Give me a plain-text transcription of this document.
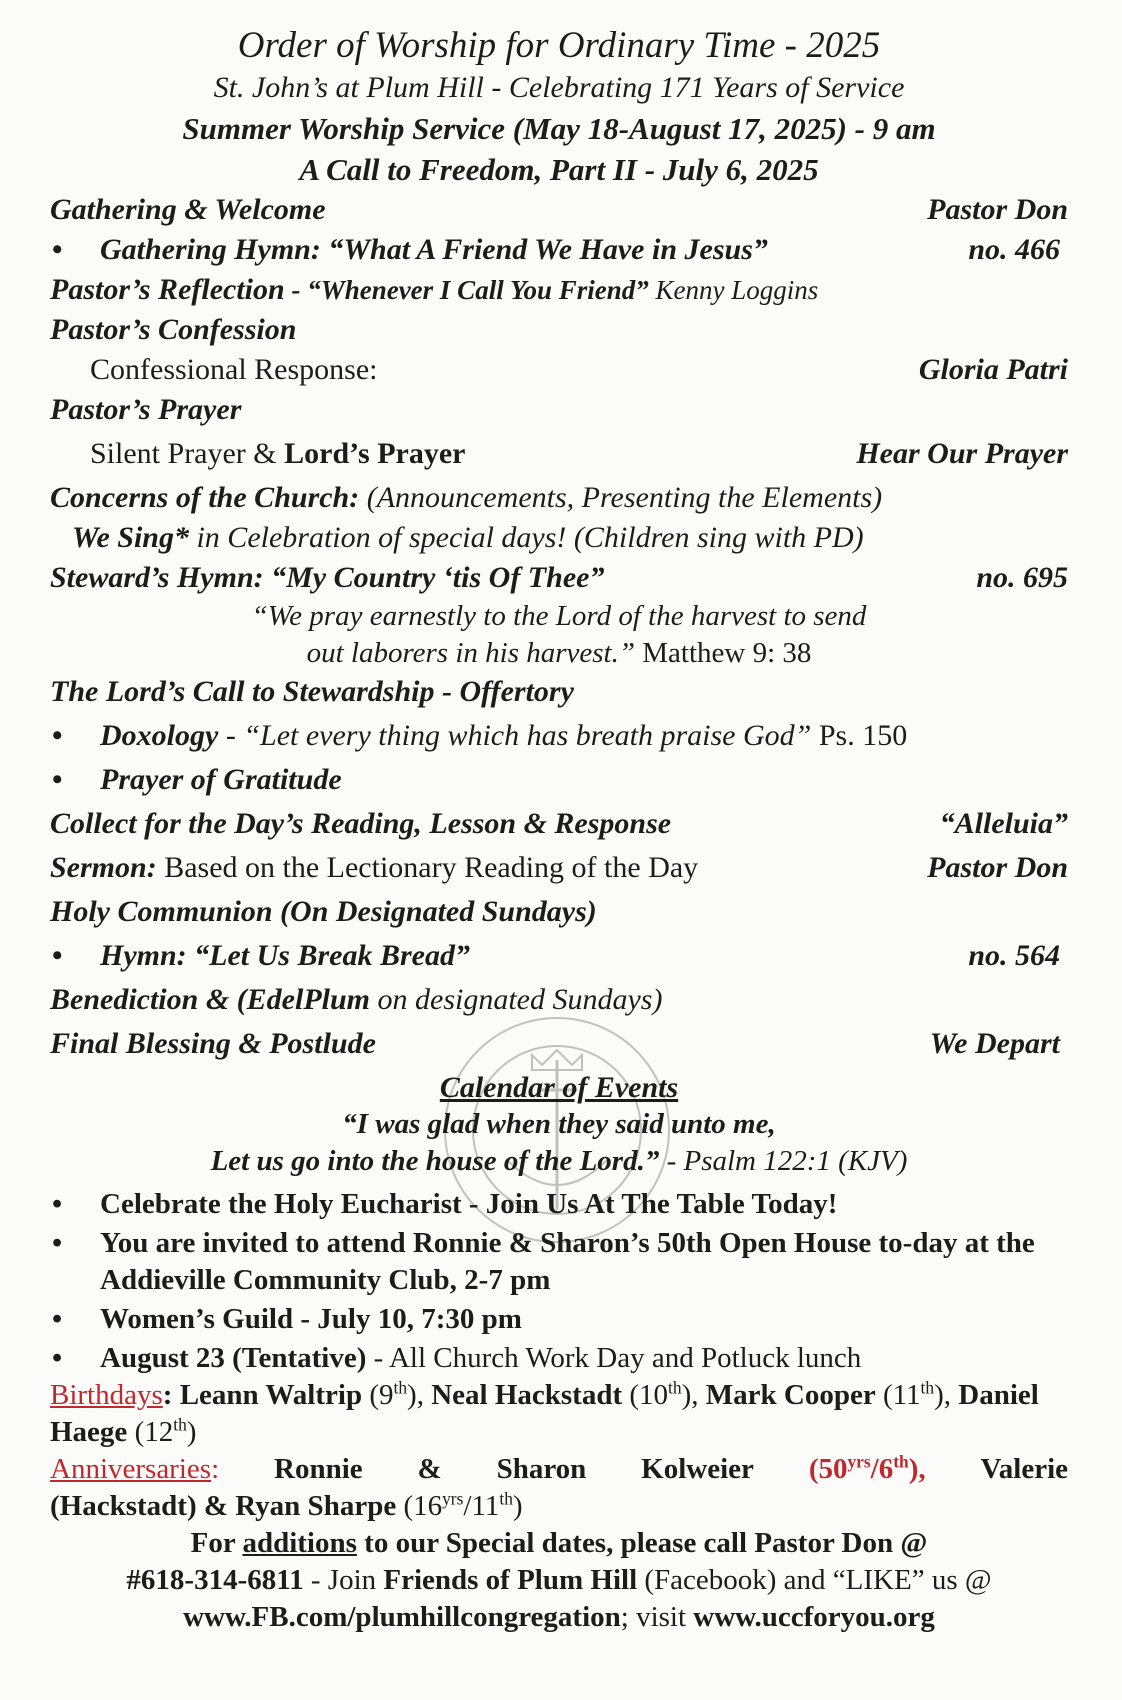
Order of Worship for Ordinary Time - 2025
St. John’s at Plum Hill - Celebrating 171 Years of Service
Summer Worship Service (May 18-August 17, 2025) - 9 am
A Call to Freedom, Part II - July 6, 2025
Gathering & Welcome	Pastor Don
• Gathering Hymn: “What A Friend We Have in Jesus”	no. 466
Pastor’s Reflection - “Whenever I Call You Friend” Kenny Loggins
Pastor’s Confession
Confessional Response:	Gloria Patri
Pastor’s Prayer
Silent Prayer & Lord’s Prayer	Hear Our Prayer
Concerns of the Church: (Announcements, Presenting the Elements)
We Sing* in Celebration of special days! (Children sing with PD)
Steward’s Hymn: “My Country ‘tis Of Thee”	no. 695
“We pray earnestly to the Lord of the harvest to send
out laborers in his harvest.” Matthew 9: 38
The Lord’s Call to Stewardship - Offertory
• Doxology - “Let every thing which has breath praise God” Ps. 150
• Prayer of Gratitude
Collect for the Day’s Reading, Lesson & Response	“Alleluia”
Sermon: Based on the Lectionary Reading of the Day	Pastor Don
Holy Communion (On Designated Sundays)
• Hymn: “Let Us Break Bread”	no. 564
Benediction & (EdelPlum on designated Sundays)
Final Blessing & Postlude	We Depart
Calendar of Events
“I was glad when they said unto me,
Let us go into the house of the Lord.” - Psalm 122:1 (KJV)
• Celebrate the Holy Eucharist - Join Us At The Table Today!
• You are invited to attend Ronnie & Sharon’s 50th Open House to-day at the Addieville Community Club, 2-7 pm
• Women’s Guild - July 10, 7:30 pm
• August 23 (Tentative) - All Church Work Day and Potluck lunch
Birthdays: Leann Waltrip (9th), Neal Hackstadt (10th), Mark Cooper (11th), Daniel Haege (12th)
Anniversaries: Ronnie & Sharon Kolweier $(50^{yrs}/6th)$, Valerie
(Hackstadt) & Ryan Sharpe $(16^{yrs}/11th)$
For additions to our Special dates, please call Pastor Don @
#618-314-6811 - Join Friends of Plum Hill (Facebook) and “LIKE” us @
www.FB.com/plumhillcongregation; visit www.uccforyou.org
